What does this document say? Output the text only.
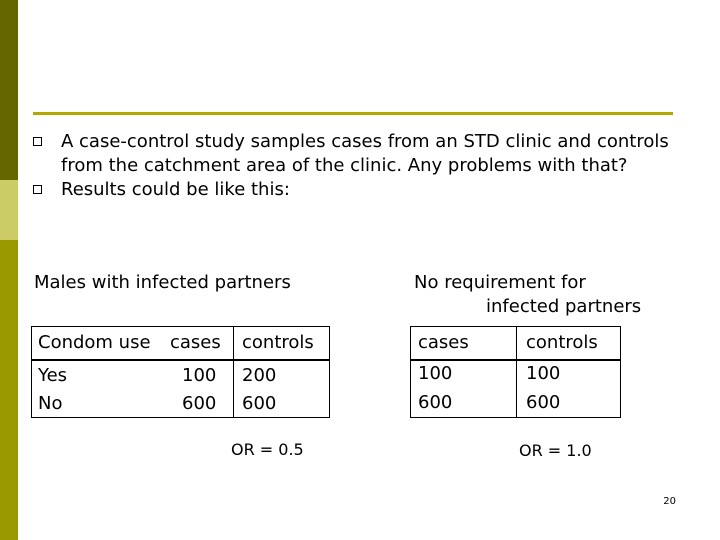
A case-control study samples cases from an STD clinic and controls from the catchment area of the clinic. Any problems with that?
Results could be like this:
Males with infected partners	No requirement for
infected partners
Condom use cases controls
Yes	100 200
No	600 600
cases	controls
100	100
600	600
OR = 0.5	OR = 1.0
20
